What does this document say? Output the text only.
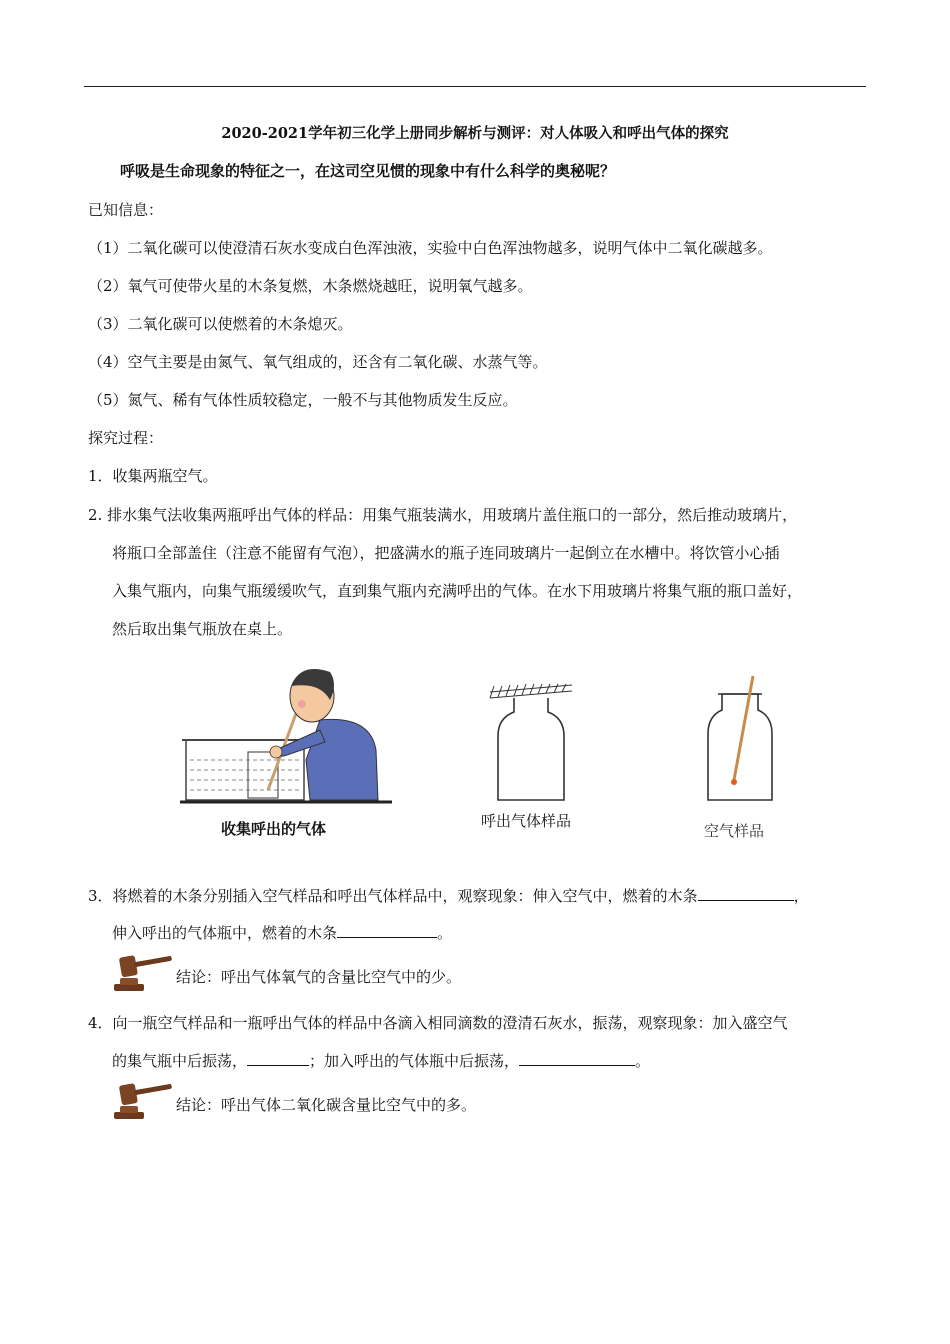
2020-2021学年初三化学上册同步解析与测评：对人体吸入和呼出气体的探究
呼吸是生命现象的特征之一，在这司空见惯的现象中有什么科学的奥秘呢？
已知信息：
（1）二氧化碳可以使澄清石灰水变成白色浑浊液，实验中白色浑浊物越多，说明气体中二氧化碳越多。
（2）氧气可使带火星的木条复燃，木条燃烧越旺，说明氧气越多。
（3）二氧化碳可以使燃着的木条熄灭。
（4）空气主要是由氮气、氧气组成的，还含有二氧化碳、水蒸气等。
（5）氮气、稀有气体性质较稳定，一般不与其他物质发生反应。
探究过程：
1．收集两瓶空气。
2. 排水集气法收集两瓶呼出气体的样品：用集气瓶装满水，用玻璃片盖住瓶口的一部分，然后推动玻璃片，
将瓶口全部盖住（注意不能留有气泡），把盛满水的瓶子连同玻璃片一起倒立在水槽中。将饮管小心插
入集气瓶内，向集气瓶缓缓吹气，直到集气瓶内充满呼出的气体。在水下用玻璃片将集气瓶的瓶口盖好，
然后取出集气瓶放在桌上。
收集呼出的气体	呼出气体样品
空气样品
3．将燃着的木条分别插入空气样品和呼出气体样品中，观察现象：伸入空气中，燃着的木条	，
伸入呼出的气体瓶中，燃着的木条	。
结论：呼出气体氧气的含量比空气中的少。
4．向一瓶空气样品和一瓶呼出气体的样品中各滴入相同滴数的澄清石灰水，振荡，观察现象：加入盛空气
的集气瓶中后振荡，	；加入呼出的气体瓶中后振荡，	。
结论：呼出气体二氧化碳含量比空气中的多。
